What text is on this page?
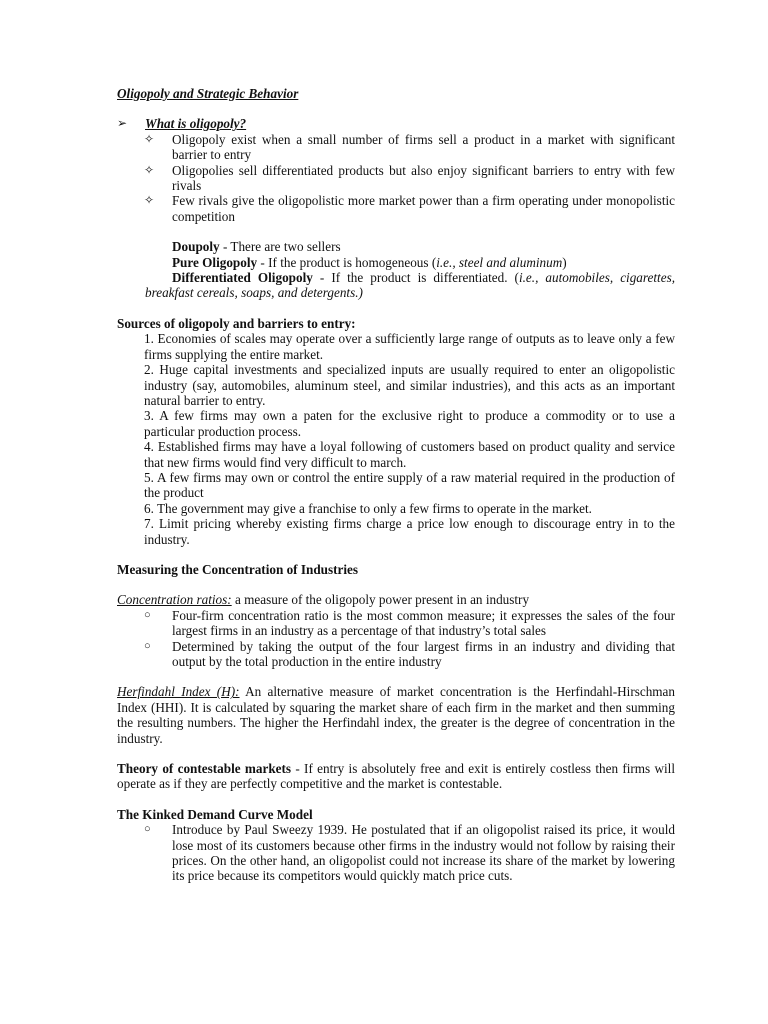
Oligopoly and Strategic Behavior
➢	What is oligopoly?
✧	Oligopoly exist when a small number of firms sell a product in a market with significant barrier to entry
✧	Oligopolies sell differentiated products but also enjoy significant barriers to entry with few rivals
✧	Few rivals give the oligopolistic more market power than a firm operating under monopolistic competition
Doupoly - There are two sellers
Pure Oligopoly - If the product is homogeneous (i.e., steel and aluminum)
Differentiated Oligopoly - If the product is differentiated. (i.e., automobiles, cigarettes, breakfast cereals, soaps, and detergents.)
Sources of oligopoly and barriers to entry:
1. Economies of scales may operate over a sufficiently large range of outputs as to leave only a few firms supplying the entire market.
2. Huge capital investments and specialized inputs are usually required to enter an oligopolistic industry (say, automobiles, aluminum steel, and similar industries), and this acts as an important natural barrier to entry.
3. A few firms may own a paten for the exclusive right to produce a commodity or to use a particular production process.
4. Established firms may have a loyal following of customers based on product quality and service that new firms would find very difficult to march.
5. A few firms may own or control the entire supply of a raw material required in the production of the product
6. The government may give a franchise to only a few firms to operate in the market.
7. Limit pricing whereby existing firms charge a price low enough to discourage entry in to the industry.
Measuring the Concentration of Industries
Concentration ratios: a measure of the oligopoly power present in an industry
○	Four-firm concentration ratio is the most common measure; it expresses the sales of the four largest firms in an industry as a percentage of that industry’s total sales
○	Determined by taking the output of the four largest firms in an industry and dividing that output by the total production in the entire industry
Herfindahl Index (H): An alternative measure of market concentration is the Herfindahl-Hirschman Index (HHI). It is calculated by squaring the market share of each firm in the market and then summing the resulting numbers. The higher the Herfindahl index, the greater is the degree of concentration in the industry.
Theory of contestable markets - If entry is absolutely free and exit is entirely costless then firms will operate as if they are perfectly competitive and the market is contestable.
The Kinked Demand Curve Model
○	Introduce by Paul Sweezy 1939. He postulated that if an oligopolist raised its price, it would lose most of its customers because other firms in the industry would not follow by raising their prices. On the other hand, an oligopolist could not increase its share of the market by lowering its price because its competitors would quickly match price cuts.
